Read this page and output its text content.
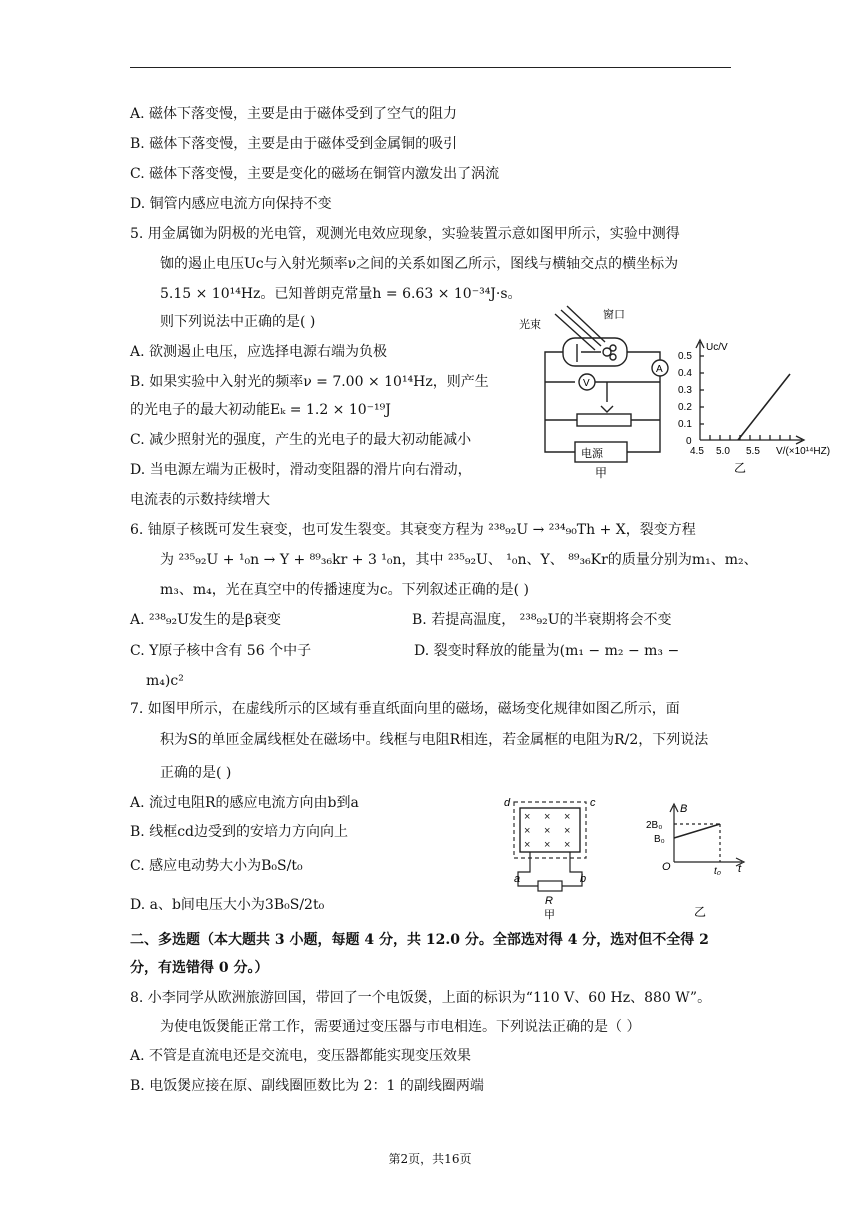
A. 磁体下落变慢，主要是由于磁体受到了空气的阻力
B. 磁体下落变慢，主要是由于磁体受到金属铜的吸引
C. 磁体下落变慢，主要是变化的磁场在铜管内激发出了涡流
D. 铜管内感应电流方向保持不变
5. 用金属铷为阴极的光电管，观测光电效应现象，实验装置示意如图甲所示，实验中测得
铷的遏止电压Uᴄ与入射光频率ν之间的关系如图乙所示，图线与横轴交点的横坐标为
5.15 × 10¹⁴Hz。已知普朗克常量h = 6.63 × 10⁻³⁴J·s。
则下列说法中正确的是( )
A. 欲测遏止电压，应选择电源右端为负极
B. 如果实验中入射光的频率ν = 7.00 × 10¹⁴Hz，则产生
的光电子的最大初动能Eₖ = 1.2 × 10⁻¹⁹J
C. 减少照射光的强度，产生的光电子的最大初动能减小
D. 当电源左端为正极时，滑动变阻器的滑片向右滑动，
电流表的示数持续增大
光束
窗口
A
V
电源
甲
Uc/V
0.5
0.4
0.3
0.2
0.1
0
4.5 5.0 5.5 V/(×10¹⁴HZ)
乙
6. 铀原子核既可发生衰变，也可发生裂变。其衰变方程为 ²³⁸₉₂U → ²³⁴₉₀Th + X，裂变方程
为 ²³⁵₉₂U + ¹₀n → Y + ⁸⁹₃₆kr + 3 ¹₀n，其中 ²³⁵₉₂U、 ¹₀n、Y、 ⁸⁹₃₆Kr的质量分别为m₁、m₂、
m₃、m₄，光在真空中的传播速度为c。下列叙述正确的是( )
A. ²³⁸₉₂U发生的是β衰变	B. 若提高温度， ²³⁸₉₂U的半衰期将会不变
C. Y原子核中含有 56 个中子	D. 裂变时释放的能量为(m₁ − m₂ − m₃ −
m₄)c²
7. 如图甲所示，在虚线所示的区域有垂直纸面向里的磁场，磁场变化规律如图乙所示，面
积为S的单匝金属线框处在磁场中。线框与电阻R相连，若金属框的电阻为R/2，下列说法
正确的是( )
A. 流过电阻R的感应电流方向由b到a
B. 线框cd边受到的安培力方向向上
C. 感应电动势大小为B₀S/t₀
D. a、b间电压大小为3B₀S/2t₀
× × ×
× × ×
× × ×
d	c
a	b
R
甲
B
2B₀
B₀
O	t₀ t
乙
二、多选题（本大题共 3 小题，每题 4 分，共 12.0 分。全部选对得 4 分，选对但不全得 2
分，有选错得 0 分。）
8. 小李同学从欧洲旅游回国，带回了一个电饭煲，上面的标识为“110 V、60 Hz、880 W”。
为使电饭煲能正常工作，需要通过变压器与市电相连。下列说法正确的是（ ）
A. 不管是直流电还是交流电，变压器都能实现变压效果
B. 电饭煲应接在原、副线圈匝数比为 2：1 的副线圈两端
第2页，共16页
